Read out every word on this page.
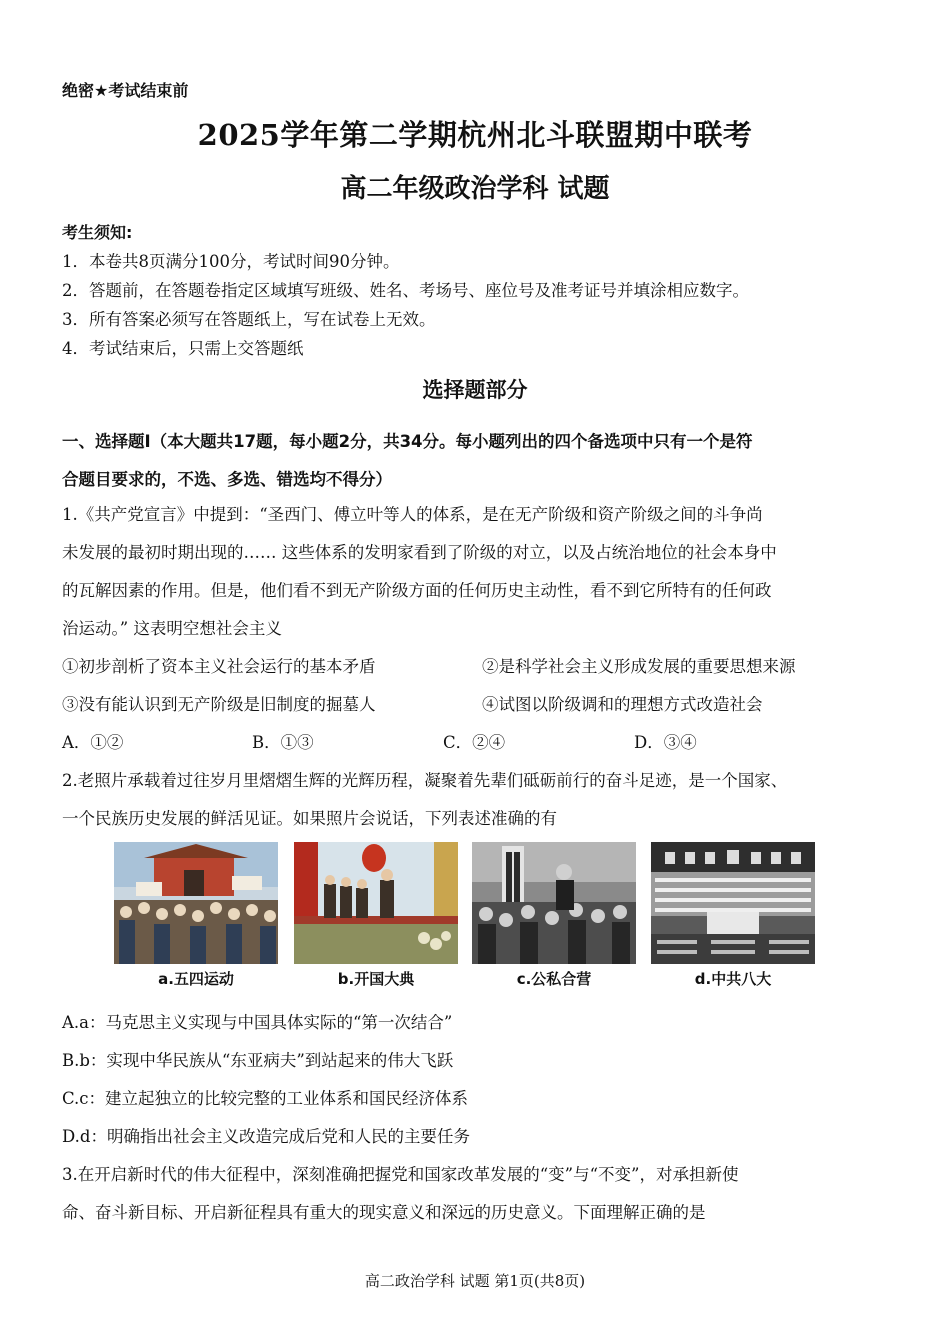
绝密★考试结束前
2025学年第二学期杭州北斗联盟期中联考
高二年级政治学科 试题
考生须知:
1．本卷共8页满分100分，考试时间90分钟。
2．答题前，在答题卷指定区域填写班级、姓名、考场号、座位号及准考证号并填涂相应数字。
3．所有答案必须写在答题纸上，写在试卷上无效。
4．考试结束后，只需上交答题纸
选择题部分
一、选择题Ⅰ（本大题共17题，每小题2分，共34分。每小题列出的四个备选项中只有一个是符
合题目要求的，不选、多选、错选均不得分）
1.《共产党宣言》中提到：“圣西门、傅立叶等人的体系，是在无产阶级和资产阶级之间的斗争尚
未发展的最初时期出现的…… 这些体系的发明家看到了阶级的对立，以及占统治地位的社会本身中
的瓦解因素的作用。但是，他们看不到无产阶级方面的任何历史主动性，看不到它所特有的任何政
治运动。” 这表明空想社会主义
①初步剖析了资本主义社会运行的基本矛盾	②是科学社会主义形成发展的重要思想来源
③没有能认识到无产阶级是旧制度的掘墓人	④试图以阶级调和的理想方式改造社会
A．①②	B．①③	C．②④	D．③④
2.老照片承载着过往岁月里熠熠生辉的光辉历程，凝聚着先辈们砥砺前行的奋斗足迹，是一个国家、
一个民族历史发展的鲜活见证。如果照片会说话，下列表述准确的有
a.五四运动	b.开国大典	c.公私合营	d.中共八大
A.a：马克思主义实现与中国具体实际的“第一次结合”
B.b：实现中华民族从“东亚病夫”到站起来的伟大飞跃
C.c：建立起独立的比较完整的工业体系和国民经济体系
D.d：明确指出社会主义改造完成后党和人民的主要任务
3.在开启新时代的伟大征程中，深刻准确把握党和国家改革发展的“变”与“不变”，对承担新使
命、奋斗新目标、开启新征程具有重大的现实意义和深远的历史意义。下面理解正确的是
高二政治学科 试题 第1页(共8页)
